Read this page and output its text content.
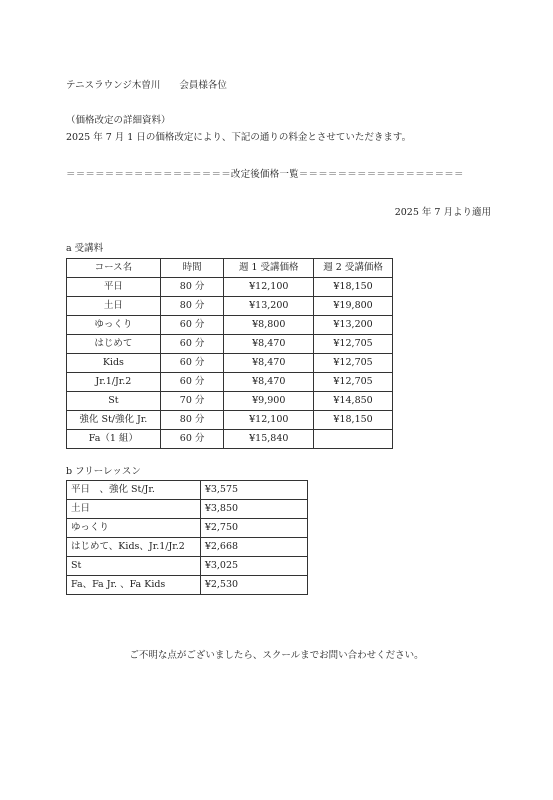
テニスラウンジ木曽川　　会員様各位
（価格改定の詳細資料）
2025 年 7 月 1 日の価格改定により、下記の通りの料金とさせていただきます。
＝＝＝＝＝＝＝＝＝＝＝＝＝＝＝＝＝改定後価格一覧＝＝＝＝＝＝＝＝＝＝＝＝＝＝＝＝＝
2025 年 7 月より適用
a 受講料
コース名	時間	週 1 受講価格	週 2 受講価格
平日	80 分	¥12,100	¥18,150
土日	80 分	¥13,200	¥19,800
ゆっくり	60 分	¥8,800	¥13,200
はじめて	60 分	¥8,470	¥12,705
Kids	60 分	¥8,470	¥12,705
Jr.1/Jr.2	60 分	¥8,470	¥12,705
St	70 分	¥9,900	¥14,850
強化 St/強化 Jr.	80 分	¥12,100	¥18,150
Fa（1 組）	60 分	¥15,840	
b フリーレッスン
平日　、強化 St/Jr.	¥3,575
土日	¥3,850
ゆっくり	¥2,750
はじめて、Kids、Jr.1/Jr.2	¥2,668
St	¥3,025
Fa、Fa Jr. 、Fa Kids	¥2,530
ご不明な点がございましたら、スクールまでお問い合わせください。
